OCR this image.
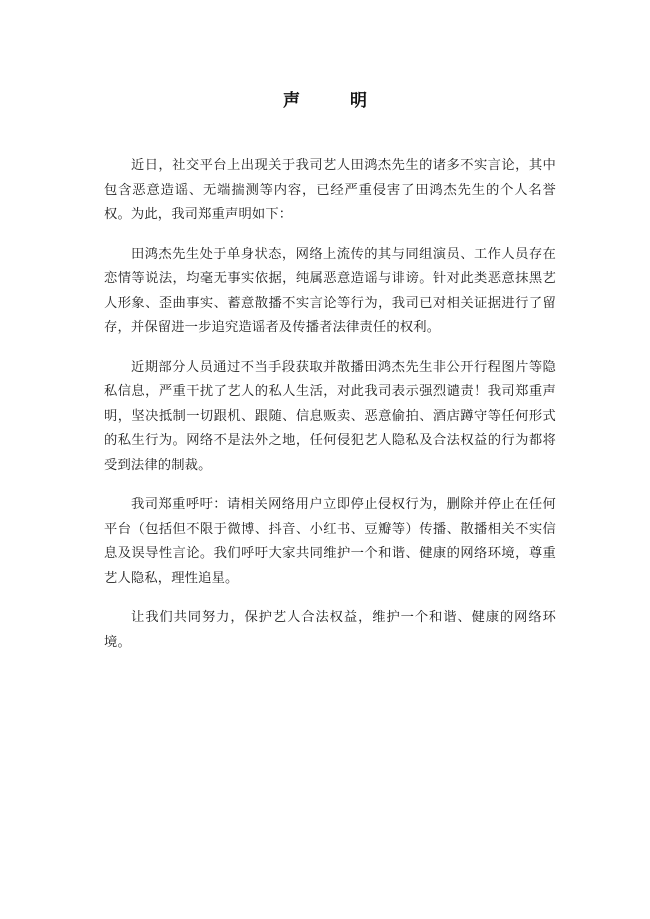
声 明

近日，社交平台上出现关于我司艺人田鸿杰先生的诸多不实言论，其中包含恶意造谣、无端揣测等内容，已经严重侵害了田鸿杰先生的个人名誉权。为此，我司郑重声明如下：

田鸿杰先生处于单身状态，网络上流传的其与同组演员、工作人员存在恋情等说法，均毫无事实依据，纯属恶意造谣与诽谤。针对此类恶意抹黑艺人形象、歪曲事实、蓄意散播不实言论等行为，我司已对相关证据进行了留存，并保留进一步追究造谣者及传播者法律责任的权利。

近期部分人员通过不当手段获取并散播田鸿杰先生非公开行程图片等隐私信息，严重干扰了艺人的私人生活，对此我司表示强烈谴责！我司郑重声明，坚决抵制一切跟机、跟随、信息贩卖、恶意偷拍、酒店蹲守等任何形式的私生行为。网络不是法外之地，任何侵犯艺人隐私及合法权益的行为都将受到法律的制裁。

我司郑重呼吁：请相关网络用户立即停止侵权行为，删除并停止在任何平台（包括但不限于微博、抖音、小红书、豆瓣等）传播、散播相关不实信息及误导性言论。我们呼吁大家共同维护一个和谐、健康的网络环境，尊重艺人隐私，理性追星。

让我们共同努力，保护艺人合法权益，维护一个和谐、健康的网络环境。
